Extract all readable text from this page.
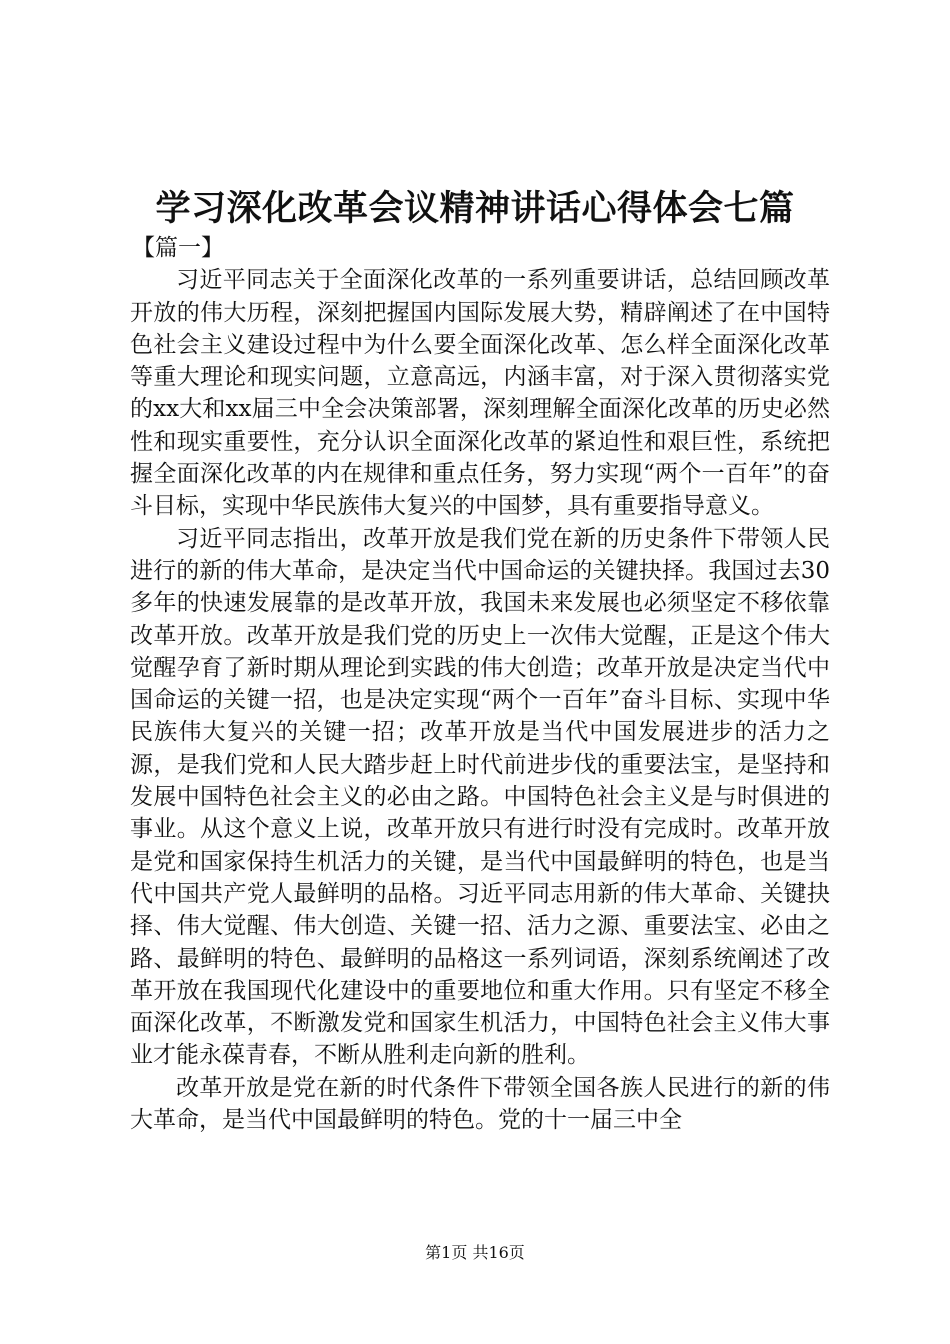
学习深化改革会议精神讲话心得体会七篇

【篇一】

习近平同志关于全面深化改革的一系列重要讲话，总结回顾改革开放的伟大历程，深刻把握国内国际发展大势，精辟阐述了在中国特色社会主义建设过程中为什么要全面深化改革、怎么样全面深化改革等重大理论和现实问题，立意高远，内涵丰富，对于深入贯彻落实党的xx大和xx届三中全会决策部署，深刻理解全面深化改革的历史必然性和现实重要性，充分认识全面深化改革的紧迫性和艰巨性，系统把握全面深化改革的内在规律和重点任务，努力实现“两个一百年”的奋斗目标，实现中华民族伟大复兴的中国梦，具有重要指导意义。

习近平同志指出，改革开放是我们党在新的历史条件下带领人民进行的新的伟大革命，是决定当代中国命运的关键抉择。我国过去30多年的快速发展靠的是改革开放，我国未来发展也必须坚定不移依靠改革开放。改革开放是我们党的历史上一次伟大觉醒，正是这个伟大觉醒孕育了新时期从理论到实践的伟大创造；改革开放是决定当代中国命运的关键一招，也是决定实现“两个一百年”奋斗目标、实现中华民族伟大复兴的关键一招；改革开放是当代中国发展进步的活力之源，是我们党和人民大踏步赶上时代前进步伐的重要法宝，是坚持和发展中国特色社会主义的必由之路。中国特色社会主义是与时俱进的事业。从这个意义上说，改革开放只有进行时没有完成时。改革开放是党和国家保持生机活力的关键，是当代中国最鲜明的特色，也是当代中国共产党人最鲜明的品格。习近平同志用新的伟大革命、关键抉择、伟大觉醒、伟大创造、关键一招、活力之源、重要法宝、必由之路、最鲜明的特色、最鲜明的品格这一系列词语，深刻系统阐述了改革开放在我国现代化建设中的重要地位和重大作用。只有坚定不移全面深化改革，不断激发党和国家生机活力，中国特色社会主义伟大事业才能永葆青春，不断从胜利走向新的胜利。

改革开放是党在新的时代条件下带领全国各族人民进行的新的伟大革命，是当代中国最鲜明的特色。党的十一届三中全

第1页 共16页
